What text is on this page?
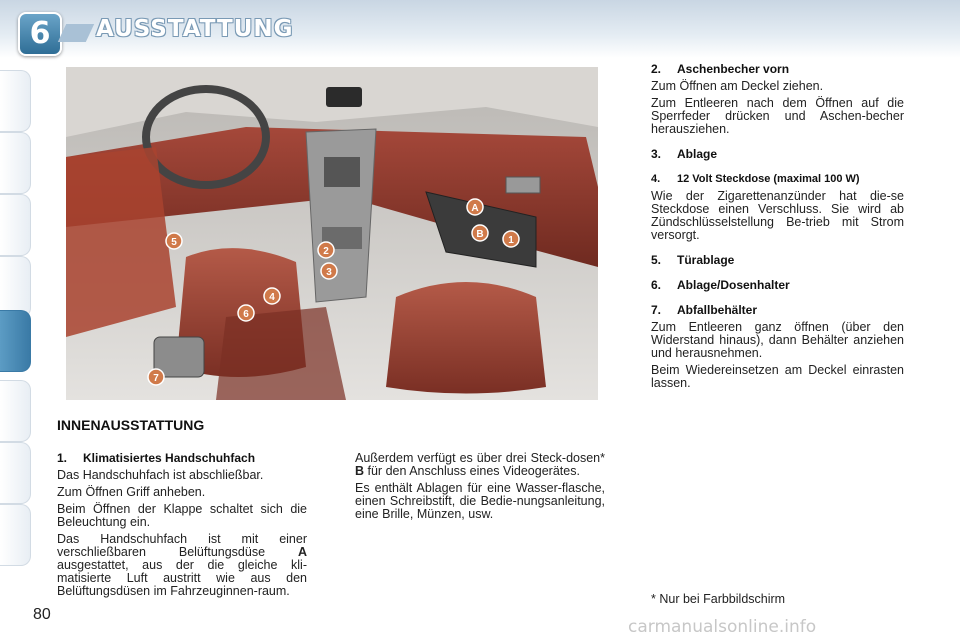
6	AUSSTATTUNG
1
2
3
4
5
6
7
A
B
INNENAUSSTATTUNG
1. Klimatisiertes Handschuhfach

Das Handschuhfach ist abschließbar.

Zum Öffnen Griff anheben.

Beim Öffnen der Klappe schaltet sich die Beleuchtung ein.

Das Handschuhfach ist mit einer verschließbaren Belüftungsdüse A ausgestattet, aus der die gleiche kli-matisierte Luft austritt wie aus den Belüftungsdüsen im Fahrzeuginnen-raum.

Außerdem verfügt es über drei Steck-dosen* B für den Anschluss eines Videogerätes.

Es enthält Ablagen für eine Wasser-flasche, einen Schreibstift, die Bedie-nungsanleitung, eine Brille, Münzen, usw.

2. Aschenbecher vorn

Zum Öffnen am Deckel ziehen.

Zum Entleeren nach dem Öffnen auf die Sperrfeder drücken und Aschen-becher herausziehen.

3. Ablage
4. 12 Volt Steckdose (maximal 100 W)

Wie der Zigarettenanzünder hat die-se Steckdose einen Verschluss. Sie wird ab Zündschlüsselstellung Be-trieb mit Strom versorgt.

5. Türablage
6. Ablage/Dosenhalter
7. Abfallbehälter

Zum Entleeren ganz öffnen (über den Widerstand hinaus), dann Behälter anziehen und herausnehmen.

Beim Wiedereinsetzen am Deckel einrasten lassen.

* Nur bei Farbbildschirm
80
carmanualsonline.info
